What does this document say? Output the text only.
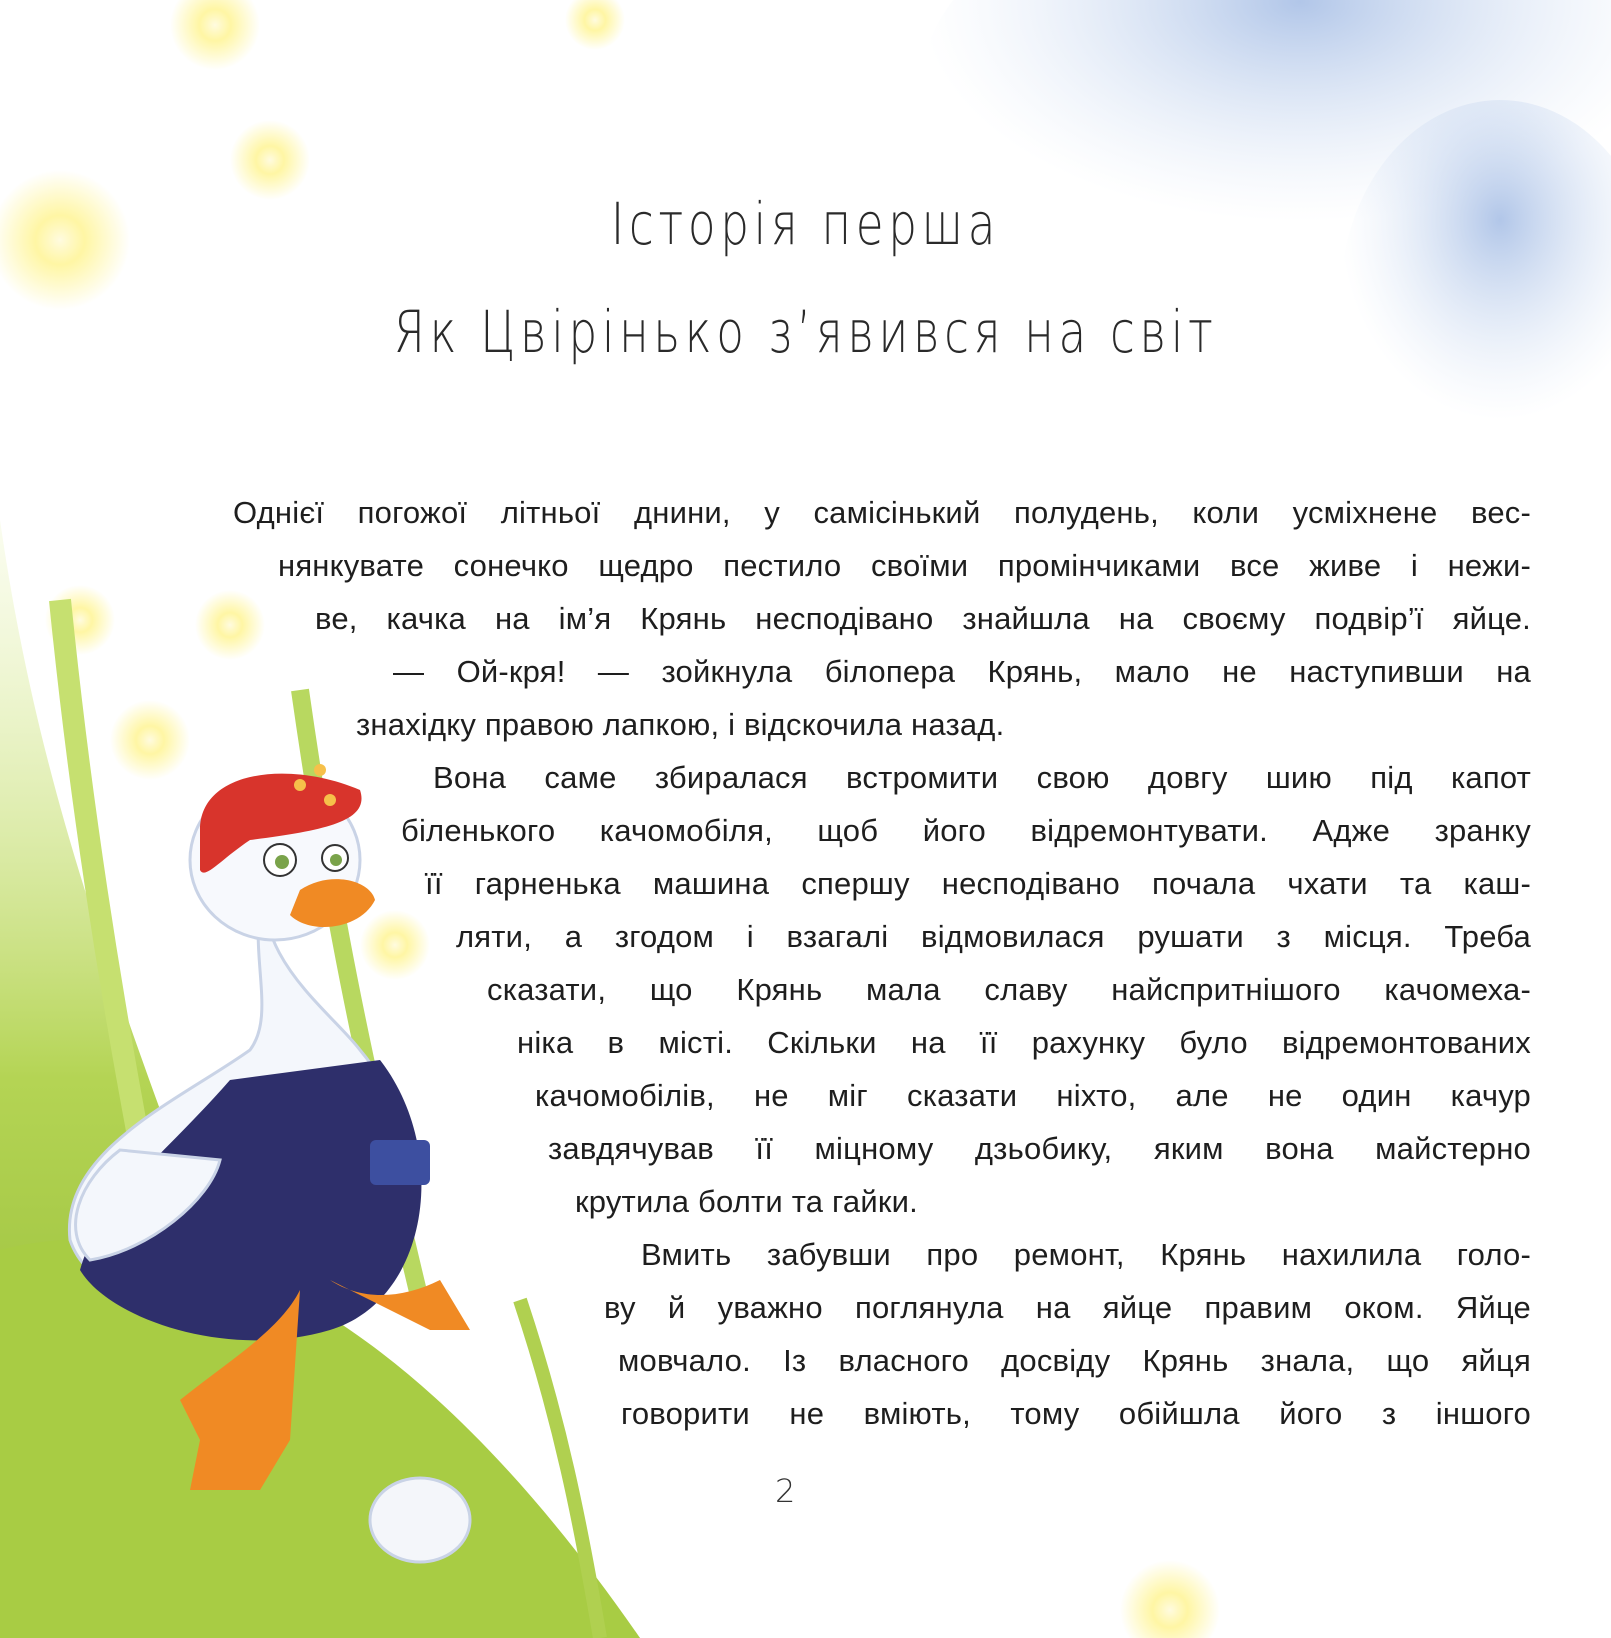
Історія перша
Як Цвірінько з’явився на світ
Однієї погожої літньої днини, у самісінький полудень, коли усміхнене вес-
нянкувате сонечко щедро пестило своїми промінчиками все живе і нежи-
ве, качка на ім’я Крянь несподівано знайшла на своєму подвір’ї яйце.
— Ой-кря! — зойкнула білопера Крянь, мало не наступивши на
знахідку правою лапкою, і відскочила назад.
Вона саме збиралася встромити свою довгу шию під капот
біленького качомобіля, щоб його відремонтувати. Адже зранку
її гарненька машина спершу несподівано почала чхати та каш-
ляти, а згодом і взагалі відмовилася рушати з місця. Треба
сказати, що Крянь мала славу найспритнішого качомеха-
ніка в місті. Скільки на її рахунку було відремонтованих
качомобілів, не міг сказати ніхто, але не один качур
завдячував її міцному дзьобику, яким вона майстерно
крутила болти та гайки.
Вмить забувши про ремонт, Крянь нахилила голо-
ву й уважно поглянула на яйце правим оком. Яйце
мовчало. Із власного досвіду Крянь знала, що яйця
говорити не вміють, тому обійшла його з іншого
2
